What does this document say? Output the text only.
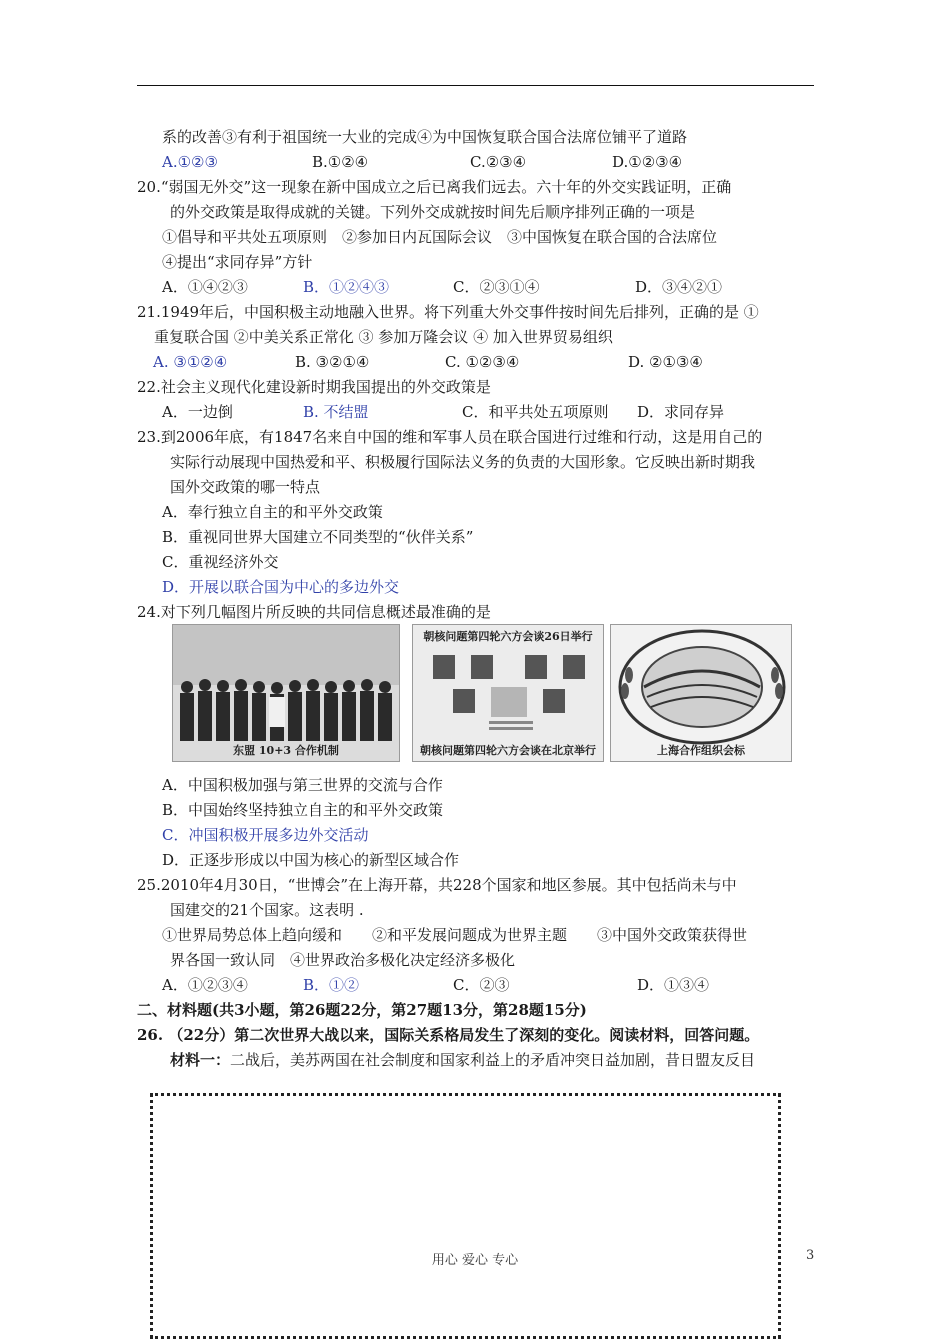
系的改善③有利于祖国统一大业的完成④为中国恢复联合国合法席位铺平了道路
A.①②③	B.①②④	C.②③④	D.①②③④
20.“弱国无外交”这一现象在新中国成立之后已离我们远去。六十年的外交实践证明，正确
的外交政策是取得成就的关键。下列外交成就按时间先后顺序排列正确的一项是
①倡导和平共处五项原则　②参加日内瓦国际会议　③中国恢复在联合国的合法席位
④提出“求同存异”方针
A．①④②③	B．①②④③	C．②③①④	D．③④②①
21.1949年后，中国积极主动地融入世界。将下列重大外交事件按时间先后排列，正确的是 ①
重复联合国 ②中美关系正常化 ③ 参加万隆会议 ④ 加入世界贸易组织
A. ③①②④	B. ③②①④	C. ①②③④	D. ②①③④
22.社会主义现代化建设新时期我国提出的外交政策是
A．一边倒	B. 不结盟	C．和平共处五项原则 D．求同存异
23.到2006年底，有1847名来自中国的维和军事人员在联合国进行过维和行动，这是用自己的
实际行动展现中国热爱和平、积极履行国际法义务的负责的大国形象。它反映出新时期我
国外交政策的哪一特点
A．奉行独立自主的和平外交政策
B．重视同世界大国建立不同类型的“伙伴关系”
C．重视经济外交
D．开展以联合国为中心的多边外交
24.对下列几幅图片所反映的共同信息概述最准确的是
东盟 10+3 合作机制
朝核问题第四轮六方会谈26日举行
朝核问题第四轮六方会谈在北京举行	上海合作组织会标
A．中国积极加强与第三世界的交流与合作
B．中国始终坚持独立自主的和平外交政策
C．冲国积极开展多边外交活动
D．正逐步形成以中国为核心的新型区域合作
25.2010年4月30日，“世博会”在上海开幕，共228个国家和地区参展。其中包括尚未与中
国建交的21个国家。这表明 .
①世界局势总体上趋向缓和　　②和平发展问题成为世界主题　　③中国外交政策获得世
界各国一致认同　④世界政治多极化决定经济多极化
A．①②③④	B．①②	C．②③	D．①③④
二、材料题(共3小题，第26题22分，第27题13分，第28题15分)
26. （22分）第二次世界大战以来，国际关系格局发生了深刻的变化。阅读材料，回答问题。
材料一：二战后，美苏两国在社会制度和国家利益上的矛盾冲突日益加剧，昔日盟友反目
用心 爱心 专心	3
